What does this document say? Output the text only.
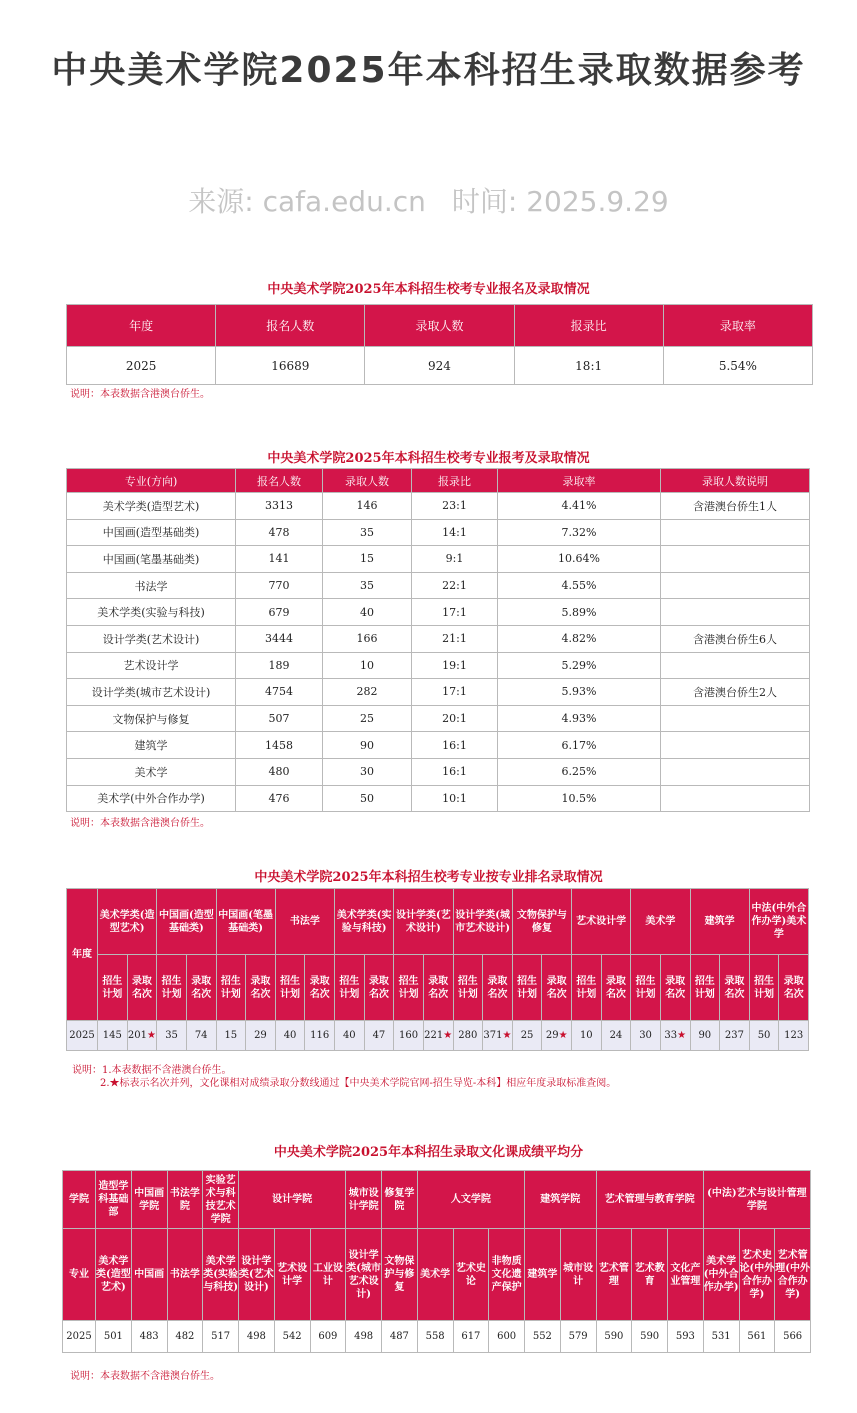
中央美术学院2025年本科招生录取数据参考
来源: cafa.edu.cn 时间: 2025.9.29
中央美术学院2025年本科招生校考专业报名及录取情况
年度	报名人数	录取人数	报录比	录取率
2025	16689	924	18:1	5.54%
说明：本表数据含港澳台侨生。
中央美术学院2025年本科招生校考专业报考及录取情况
专业(方向)	报名人数	录取人数	报录比	录取率	录取人数说明
美术学类(造型艺术)	3313	146	23:1	4.41%	含港澳台侨生1人
中国画(造型基础类)	478	35	14:1	7.32%	
中国画(笔墨基础类)	141	15	9:1	10.64%	
书法学	770	35	22:1	4.55%	
美术学类(实验与科技)	679	40	17:1	5.89%	
设计学类(艺术设计)	3444	166	21:1	4.82%	含港澳台侨生6人
艺术设计学	189	10	19:1	5.29%	
设计学类(城市艺术设计)	4754	282	17:1	5.93%	含港澳台侨生2人
文物保护与修复	507	25	20:1	4.93%	
建筑学	1458	90	16:1	6.17%	
美术学	480	30	16:1	6.25%	
美术学(中外合作办学)	476	50	10:1	10.5%	
说明：本表数据含港澳台侨生。
中央美术学院2025年本科招生校考专业按专业排名录取情况
年度	美术学类(造型艺术)		中国画(造型基础类)		中国画(笔墨基础类)		书法学		美术学类(实验与科技)		设计学类(艺术设计)		设计学类(城市艺术设计)		文物保护与修复		艺术设计学		美术学		建筑学		中法(中外合作办学)美术学	
	招生计划	录取名次	招生计划	录取名次	招生计划	录取名次	招生计划	录取名次	招生计划	录取名次	招生计划	录取名次	招生计划	录取名次	招生计划	录取名次	招生计划	录取名次	招生计划	录取名次	招生计划	录取名次	招生计划	录取名次
2025	145	201★	35	74	15	29	40	116	40	47	160	221★	280	371★	25	29★	10	24	30	33★	90	237	50	123
说明：1.本表数据不含港澳台侨生。
2.★标表示名次并列，文化课相对成绩录取分数线通过【中央美术学院官网-招生导览-本科】相应年度录取标准查阅。
中央美术学院2025年本科招生录取文化课成绩平均分
学院	造型学科基础部	中国画学院	书法学院	实验艺术与科技艺术学院	设计学院			城市设计学院	修复学院	人文学院			建筑学院		艺术管理与教育学院			(中法)艺术与设计管理学院		
专业	美术学类(造型艺术)	中国画	书法学	美术学类(实验与科技)	设计学类(艺术设计)	艺术设计学	工业设计	设计学类(城市艺术设计)	文物保护与修复	美术学	艺术史论	非物质文化遗产保护	建筑学	城市设计	艺术管理	艺术教育	文化产业管理	美术学(中外合作办学)	艺术史论(中外合作办学)	艺术管理(中外合作办学)
2025	501	483	482	517	498	542	609	498	487	558	617	600	552	579	590	590	593	531	561	566
说明：本表数据不含港澳台侨生。
